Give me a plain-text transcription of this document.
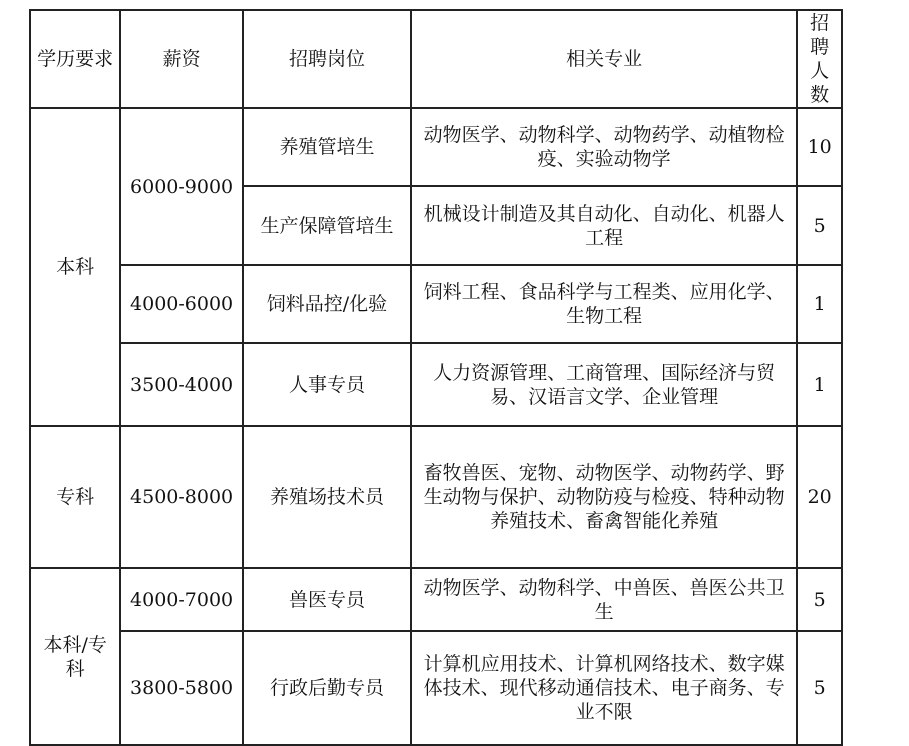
学历要求	薪资	招聘岗位	相关专业	招聘人数
本科	6000-9000	养殖管培生	动物医学、动物科学、动物药学、动植物检疫、实验动物学	10
		生产保障管培生	机械设计制造及其自动化、自动化、机器人工程	5
	4000-6000	饲料品控/化验	饲料工程、食品科学与工程类、应用化学、生物工程	1
	3500-4000	人事专员	人力资源管理、工商管理、国际经济与贸易、汉语言文学、企业管理	1
专科	4500-8000	养殖场技术员	畜牧兽医、宠物、动物医学、动物药学、野生动物与保护、动物防疫与检疫、特种动物养殖技术、畜禽智能化养殖	20
本科/专科	4000-7000	兽医专员	动物医学、动物科学、中兽医、兽医公共卫生	5
	3800-5800	行政后勤专员	计算机应用技术、计算机网络技术、数字媒体技术、现代移动通信技术、电子商务、专业不限	5
